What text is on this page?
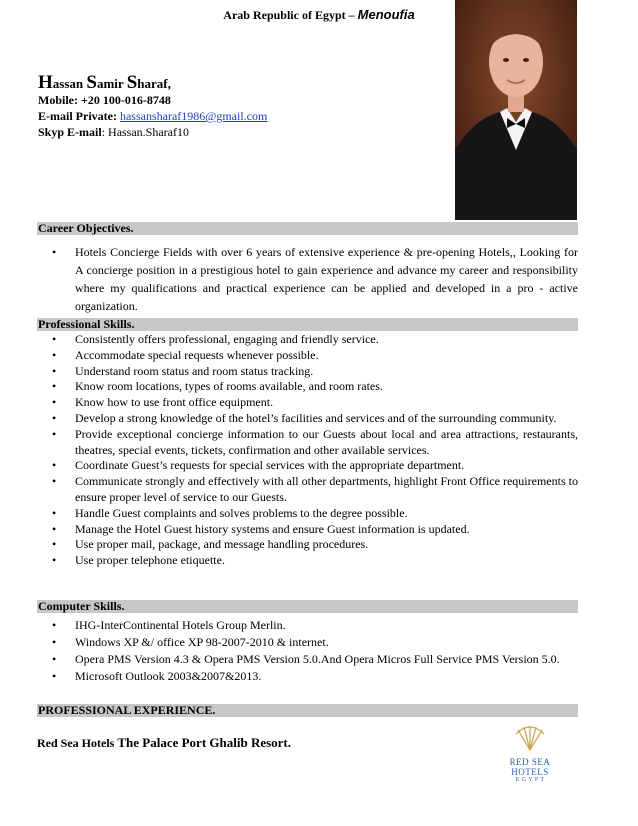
Arab Republic of Egypt – Menoufia
Hassan Samir Sharaf,
Mobile: +20 100-016-8748
E-mail Private: hassansharaf1986@gmail.com
Skyp E-mail: Hassan.Sharaf10
Career Objectives.
• Hotels Concierge Fields with over 6 years of extensive experience & pre-opening Hotels,, Looking for A concierge position in a prestigious hotel to gain experience and advance my career and responsibility where my qualifications and practical experience can be applied and developed in a pro - active organization.
Professional Skills.
• Consistently offers professional, engaging and friendly service.
• Accommodate special requests whenever possible.
• Understand room status and room status tracking.
• Know room locations, types of rooms available, and room rates.
• Know how to use front office equipment.
• Develop a strong knowledge of the hotel’s facilities and services and of the surrounding community.
• Provide exceptional concierge information to our Guests about local and area attractions, restaurants, theatres, special events, tickets, confirmation and other available services.
• Coordinate Guest’s requests for special services with the appropriate department.
• Communicate strongly and effectively with all other departments, highlight Front Office requirements to ensure proper level of service to our Guests.
• Handle Guest complaints and solves problems to the degree possible.
• Manage the Hotel Guest history systems and ensure Guest information is updated.
• Use proper mail, package, and message handling procedures.
• Use proper telephone etiquette.
Computer Skills.
• IHG-InterContinental Hotels Group Merlin.
• Windows XP &/ office XP 98-2007-2010 & internet.
• Opera PMS Version 4.3 & Opera PMS Version 5.0.And Opera Micros Full Service PMS Version 5.0.
• Microsoft Outlook 2003&2007&2013.
PROFESSIONAL EXPERIENCE.
Red Sea Hotels The Palace Port Ghalib Resort.
RED SEA HOTELS
E G Y P T
